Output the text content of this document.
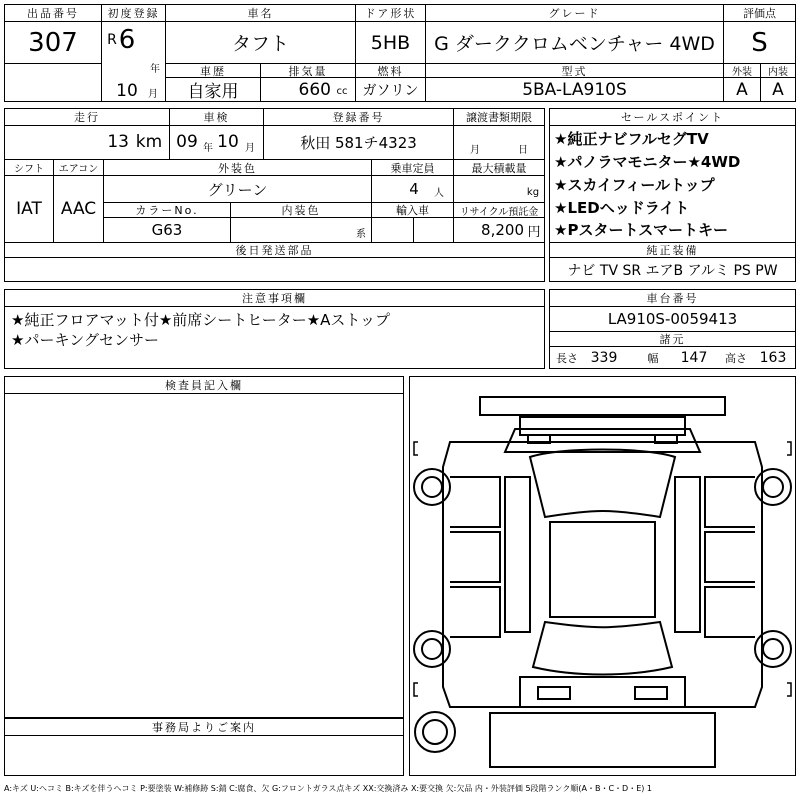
出品番号
307
初度登録
R 6
年
10	月
車名
タフト
ドア形状
5HB
グレード
G ダーククロムベンチャー 4WD
評価点
S
車歴
自家用
排気量
660 cc
燃料
ガソリン
型式
5BA-LA910S
外装
A
内装
A
走行
13 km
車検
09 年 10 月
登録番号
秋田 581チ4323
譲渡書類期限
月	日
シフト
IAT
エアコン
AAC
外装色
グリーン
乗車定員
4	人
最大積載量
kg
カラーNo.
G63
内装色
系
輸入車	リサイクル預託金
8,200 円
後日発送部品
セールスポイント
★純正ナビフルセグTV
★パノラマモニター★4WD
★スカイフィールトップ
★LEDヘッドライト
★Pスタートスマートキー
純正装備
ナビ TV SR エアB アルミ PS PW
注意事項欄
★純正フロアマット付★前席シートヒーター★Aストップ
★パーキングセンサー
車台番号
LA910S-0059413
諸元
長さ 339	幅	147	高さ 163
検査員記入欄
事務局よりご案内
A:キズ U:ヘコミ B:キズを伴うヘコミ P:要塗装 W:補修跡 S:錆 C:腐食、欠 G:フロントガラス点キズ XX:交換済み X:要交換 欠:欠品 内・外装評価 5段階ランク順(A・B・C・D・E) 1
